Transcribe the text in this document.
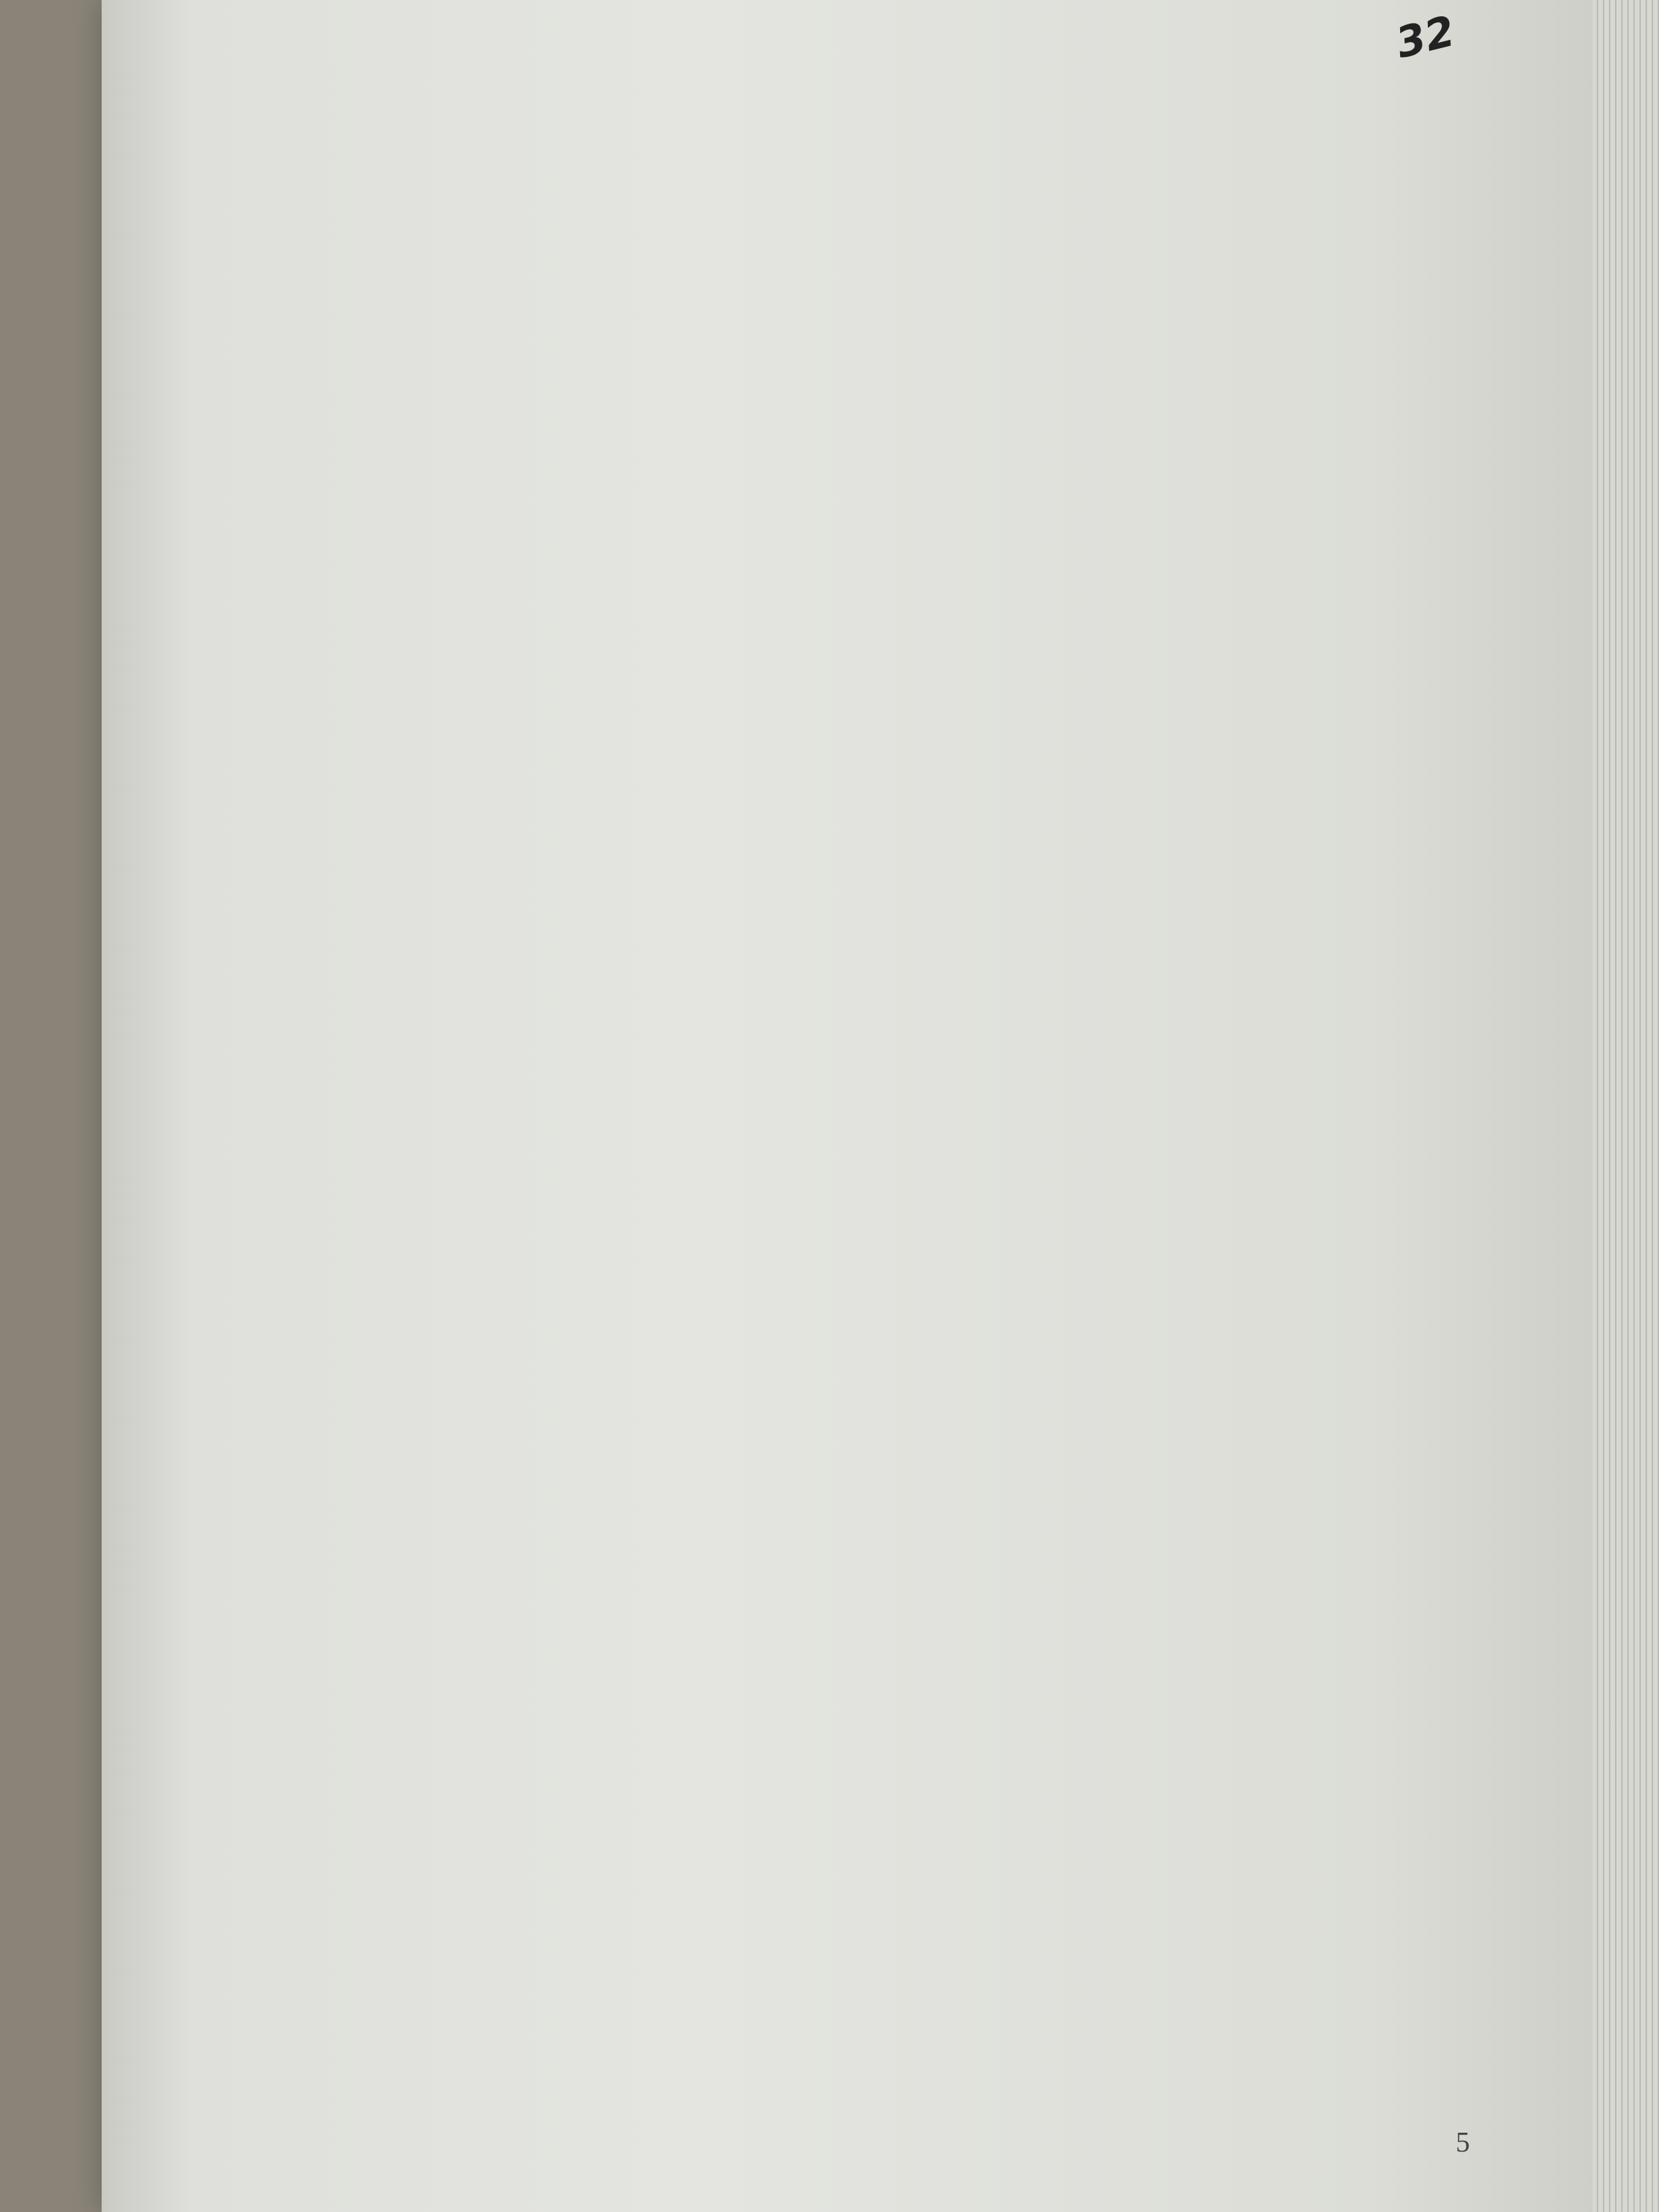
32
5
